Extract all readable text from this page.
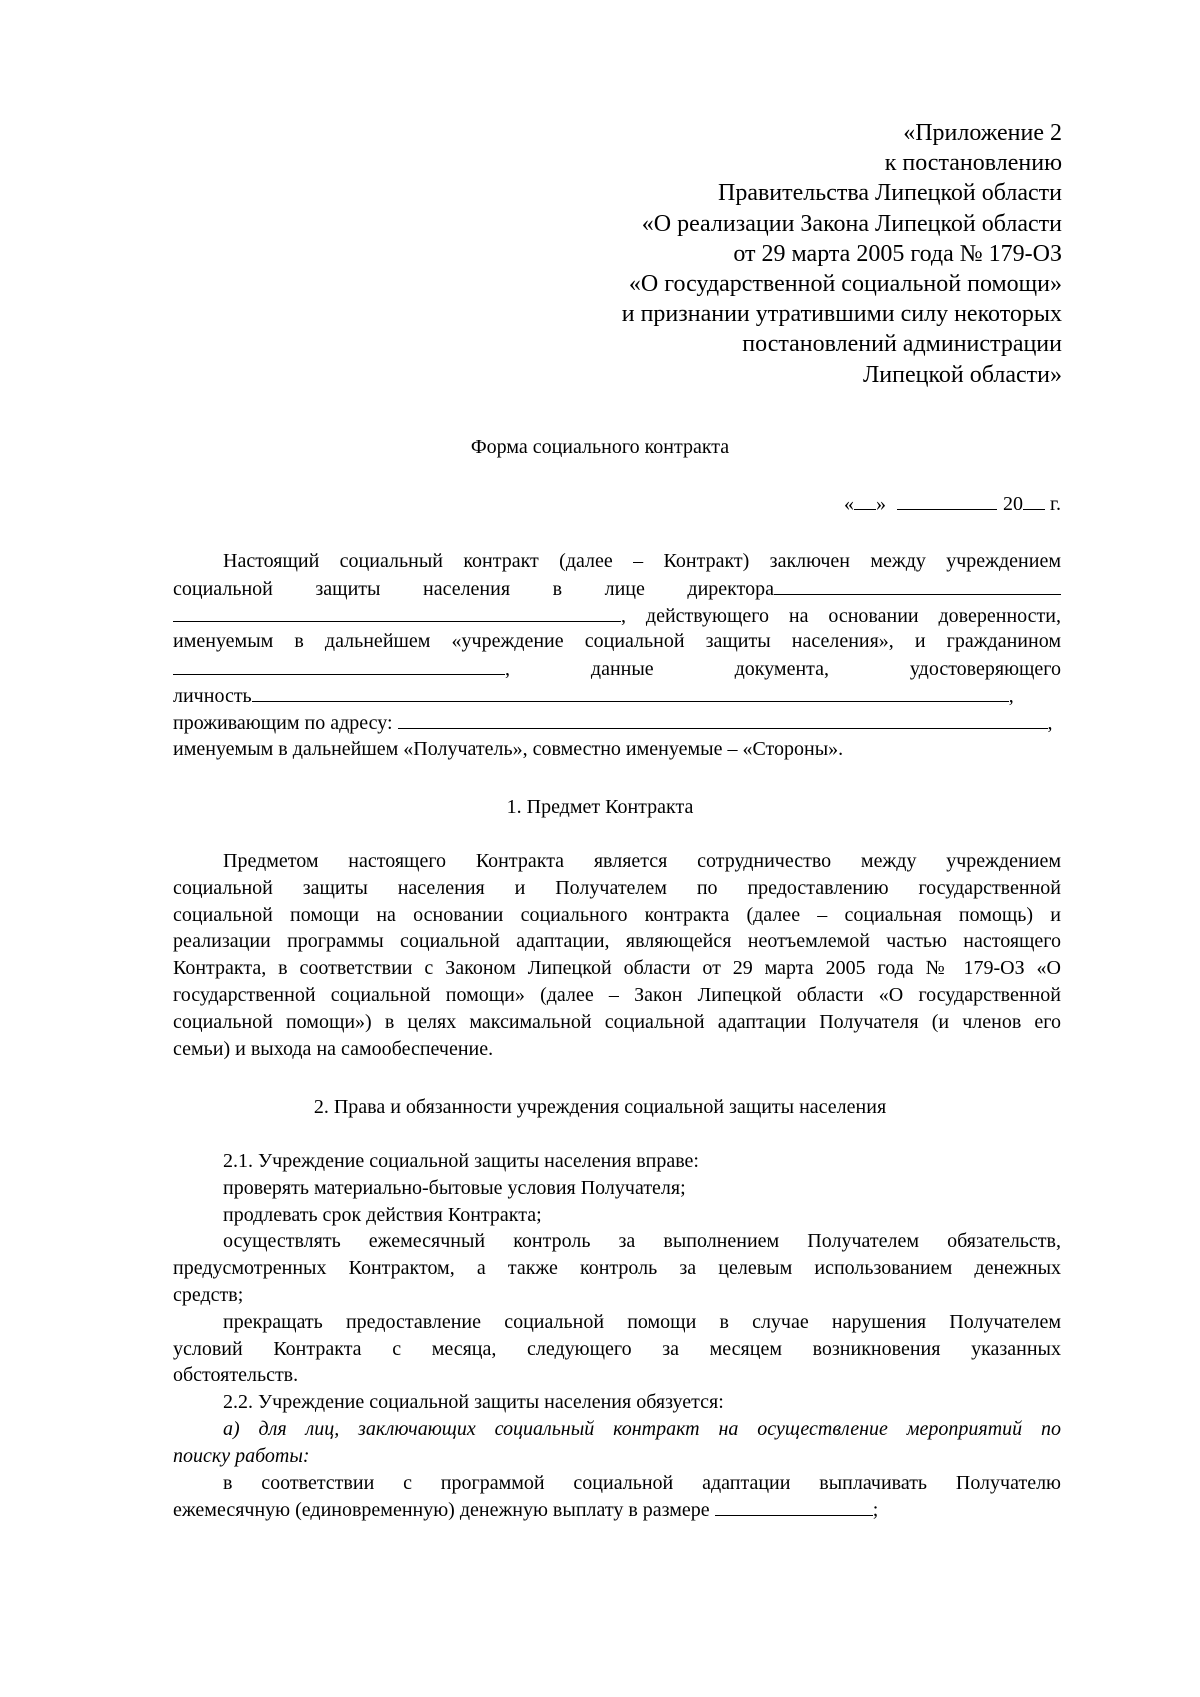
«Приложение 2
к постановлению
Правительства Липецкой области
«О реализации Закона Липецкой области
от 29 марта 2005 года № 179-ОЗ
«О государственной социальной помощи»
и признании утратившими силу некоторых
постановлений администрации
Липецкой области»
Форма социального контракта
« »	20 г.
Настоящий социальный контракт (далее – Контракт) заключен между учреждением
социальной защиты населения в лице директора
, действующего на основании доверенности,
именуемым в дальнейшем «учреждение социальной защиты населения», и гражданином
,	данные	документа,	удостоверяющего
личность	,
проживающим по адресу:	,
именуемым в дальнейшем «Получатель», совместно именуемые – «Стороны».
1. Предмет Контракта
Предметом настоящего Контракта является сотрудничество между учреждением
социальной защиты населения и Получателем по предоставлению государственной
социальной помощи на основании социального контракта (далее – социальная помощь) и
реализации программы социальной адаптации, являющейся неотъемлемой частью настоящего
Контракта, в соответствии с Законом Липецкой области от 29 марта 2005 года № 179-ОЗ «О
государственной социальной помощи» (далее – Закон Липецкой области «О государственной
социальной помощи») в целях максимальной социальной адаптации Получателя (и членов его
семьи) и выхода на самообеспечение.
2. Права и обязанности учреждения социальной защиты населения
2.1. Учреждение социальной защиты населения вправе:
проверять материально-бытовые условия Получателя;
продлевать срок действия Контракта;
осуществлять ежемесячный контроль за выполнением Получателем обязательств,
предусмотренных Контрактом, а также контроль за целевым использованием денежных
средств;
прекращать предоставление социальной помощи в случае нарушения Получателем
условий Контракта с месяца, следующего за месяцем возникновения указанных
обстоятельств.
2.2. Учреждение социальной защиты населения обязуется:
а) для лиц, заключающих социальный контракт на осуществление мероприятий по
поиску работы:
в соответствии с программой социальной адаптации выплачивать Получателю
ежемесячную (единовременную) денежную выплату в размере	;
